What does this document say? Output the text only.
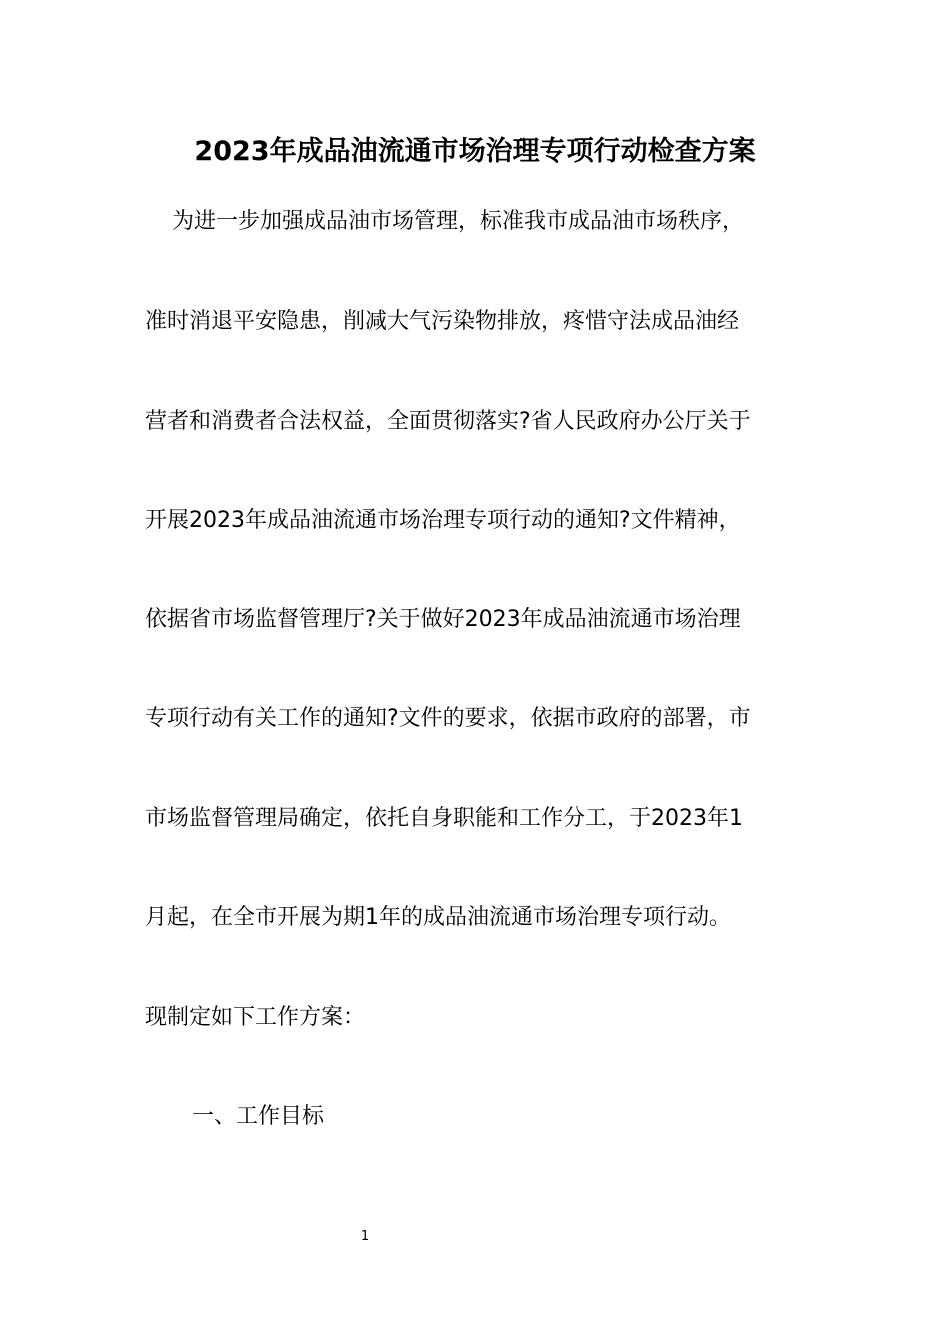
2023年成品油流通市场治理专项行动检查方案
为进一步加强成品油市场管理，标准我市成品油市场秩序，
准时消退平安隐患，削减大气污染物排放，疼惜守法成品油经
营者和消费者合法权益，全面贯彻落实?省人民政府办公厅关于
开展2023年成品油流通市场治理专项行动的通知?文件精神，
依据省市场监督管理厅?关于做好2023年成品油流通市场治理
专项行动有关工作的通知?文件的要求，依据市政府的部署，市
市场监督管理局确定，依托自身职能和工作分工，于2023年1
月起，在全市开展为期1年的成品油流通市场治理专项行动。
现制定如下工作方案：
一、工作目标
1
